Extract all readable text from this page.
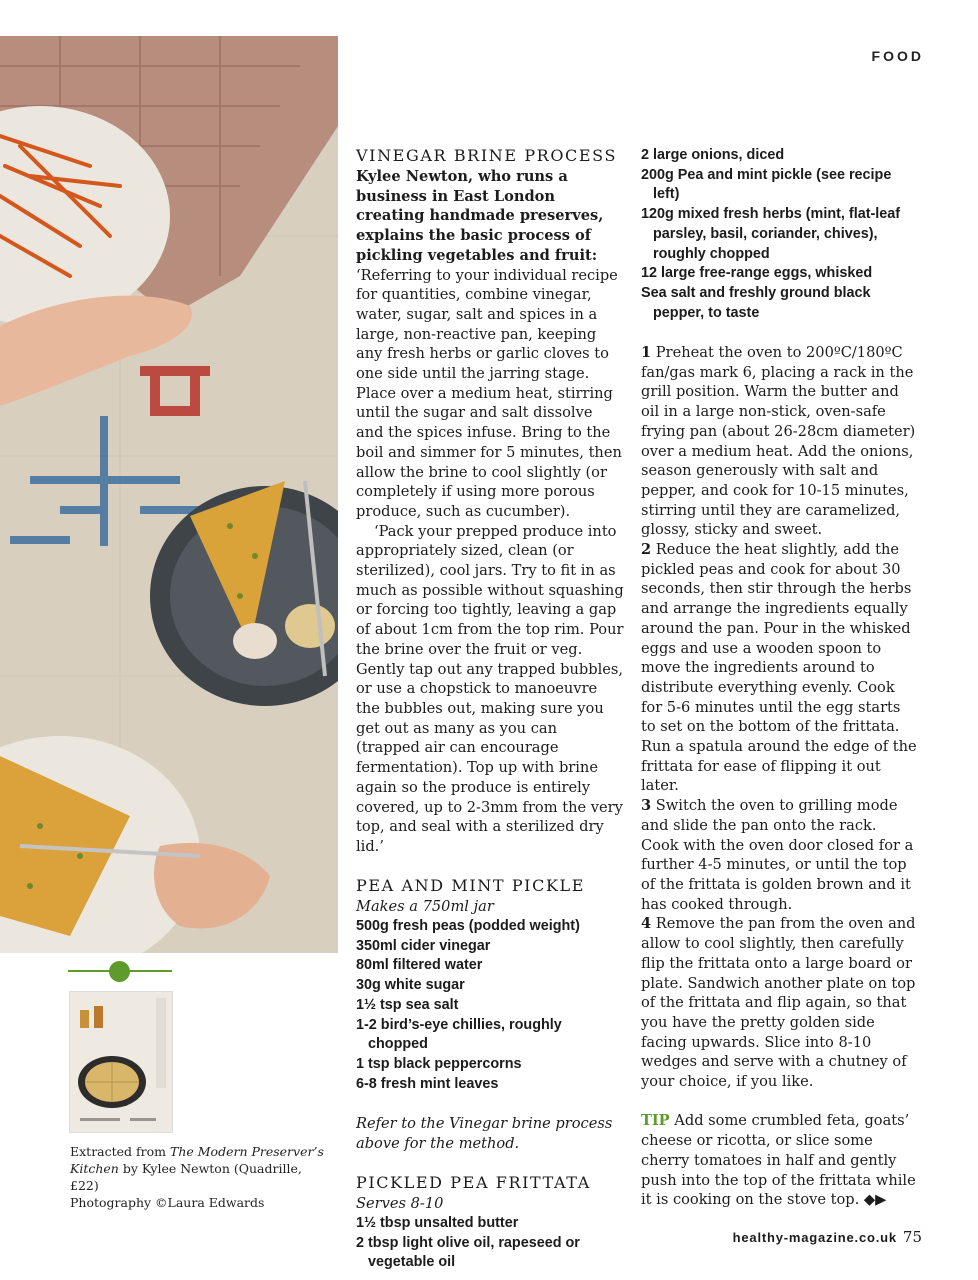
FOOD
Extracted from The Modern Preserver’s Kitchen by Kylee Newton (Quadrille, £22)
Photography ©Laura Edwards
VINEGAR BRINE PROCESS

Kylee Newton, who runs a business in East London creating handmade preserves, explains the basic process of pickling vegetables and fruit: ‘Referring to your individual recipe for quantities, combine vinegar, water, sugar, salt and spices in a large, non-reactive pan, keeping any fresh herbs or garlic cloves to one side until the jarring stage. Place over a medium heat, stirring until the sugar and salt dissolve and the spices infuse. Bring to the boil and simmer for 5 minutes, then allow the brine to cool slightly (or completely if using more porous produce, such as cucumber).

‘Pack your prepped produce into appropriately sized, clean (or sterilized), cool jars. Try to fit in as much as possible without squashing or forcing too tightly, leaving a gap of about 1cm from the top rim. Pour the brine over the fruit or veg. Gently tap out any trapped bubbles, or use a chopstick to manoeuvre the bubbles out, making sure you get out as many as you can (trapped air can encourage fermentation). Top up with brine again so the produce is entirely covered, up to 2-3mm from the very top, and seal with a sterilized dry lid.’

PEA AND MINT PICKLE

Makes a 750ml jar

500g fresh peas (podded weight)

350ml cider vinegar

80ml filtered water

30g white sugar

1½ tsp sea salt

1-2 bird’s-eye chillies, roughly chopped

1 tsp black peppercorns

6-8 fresh mint leaves

Refer to the Vinegar brine process above for the method.

PICKLED PEA FRITTATA

Serves 8-10

1½ tbsp unsalted butter

2 tbsp light olive oil, rapeseed or vegetable oil

2 large onions, diced

200g Pea and mint pickle (see recipe left)

120g mixed fresh herbs (mint, flat-leaf parsley, basil, coriander, chives), roughly chopped

12 large free-range eggs, whisked

Sea salt and freshly ground black pepper, to taste

1 Preheat the oven to 200ºC/180ºC fan/gas mark 6, placing a rack in the grill position. Warm the butter and oil in a large non-stick, oven-safe frying pan (about 26-28cm diameter) over a medium heat. Add the onions, season generously with salt and pepper, and cook for 10-15 minutes, stirring until they are caramelized, glossy, sticky and sweet.

2 Reduce the heat slightly, add the pickled peas and cook for about 30 seconds, then stir through the herbs and arrange the ingredients equally around the pan. Pour in the whisked eggs and use a wooden spoon to move the ingredients around to distribute everything evenly. Cook for 5-6 minutes until the egg starts to set on the bottom of the frittata. Run a spatula around the edge of the frittata for ease of flipping it out later.

3 Switch the oven to grilling mode and slide the pan onto the rack. Cook with the oven door closed for a further 4-5 minutes, or until the top of the frittata is golden brown and it has cooked through.

4 Remove the pan from the oven and allow to cool slightly, then carefully flip the frittata onto a large board or plate. Sandwich another plate on top of the frittata and flip again, so that you have the pretty golden side facing upwards. Slice into 8-10 wedges and serve with a chutney of your choice, if you like.

TIP Add some crumbled feta, goats’ cheese or ricotta, or slice some cherry tomatoes in half and gently push into the top of the frittata while it is cooking on the stove top. ◆▶

healthy-magazine.co.uk 75
